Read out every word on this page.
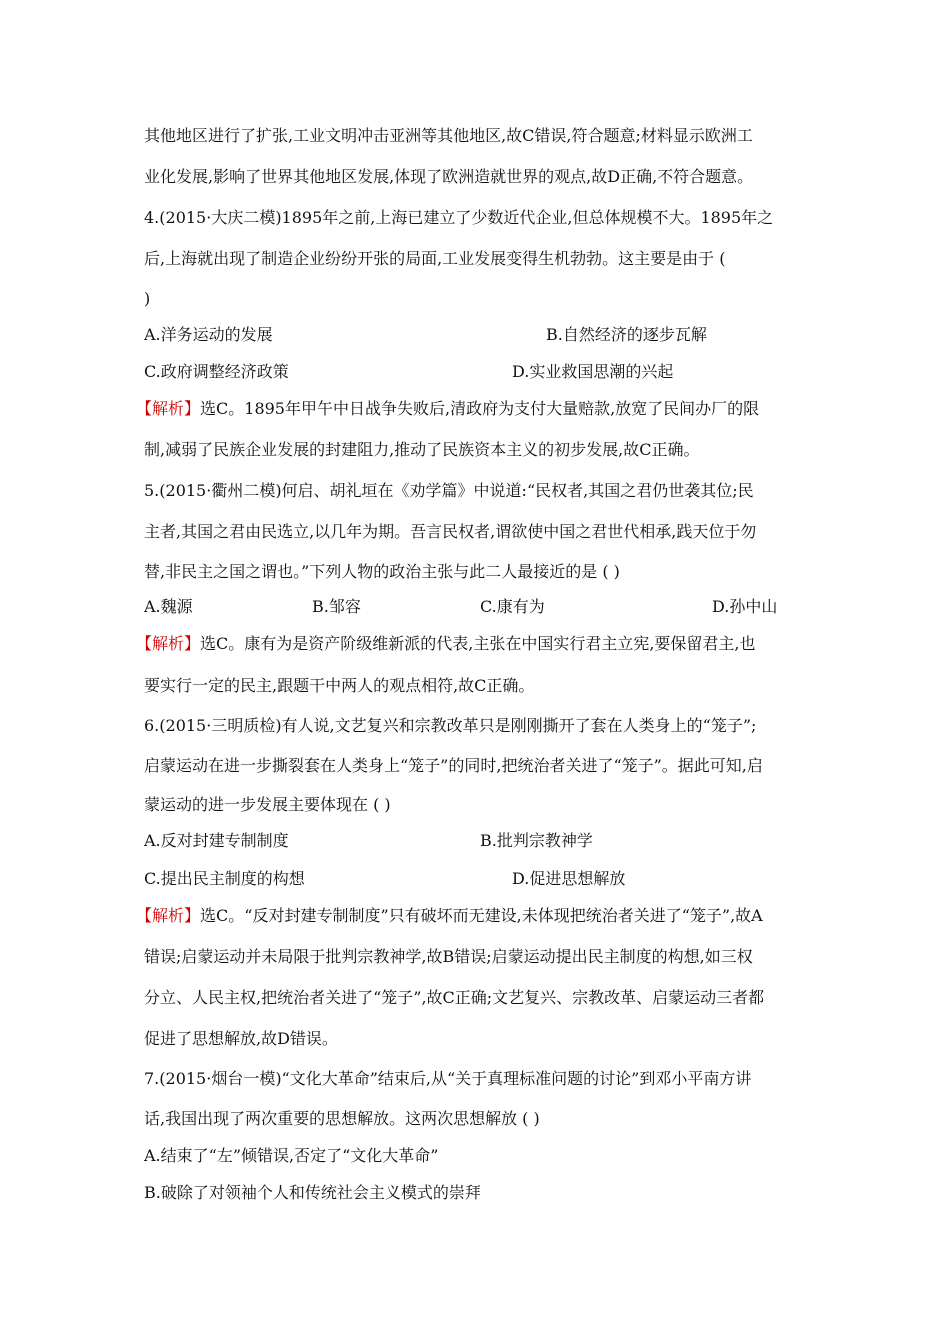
其他地区进行了扩张,工业文明冲击亚洲等其他地区,故C错误,符合题意;材料显示欧洲工
业化发展,影响了世界其他地区发展,体现了欧洲造就世界的观点,故D正确,不符合题意。
4.(2015·大庆二模)1895年之前,上海已建立了少数近代企业,但总体规模不大。1895年之
后,上海就出现了制造企业纷纷开张的局面,工业发展变得生机勃勃。这主要是由于 (
)
A.洋务运动的发展	B.自然经济的逐步瓦解
C.政府调整经济政策	D.实业救国思潮的兴起
【解析】选C。1895年甲午中日战争失败后,清政府为支付大量赔款,放宽了民间办厂的限
制,减弱了民族企业发展的封建阻力,推动了民族资本主义的初步发展,故C正确。
5.(2015·衢州二模)何启、胡礼垣在《劝学篇》中说道:“民权者,其国之君仍世袭其位;民
主者,其国之君由民选立,以几年为期。吾言民权者,谓欲使中国之君世代相承,践天位于勿
替,非民主之国之谓也。”下列人物的政治主张与此二人最接近的是 ( )
A.魏源	B.邹容	C.康有为	D.孙中山
【解析】选C。康有为是资产阶级维新派的代表,主张在中国实行君主立宪,要保留君主,也
要实行一定的民主,跟题干中两人的观点相符,故C正确。
6.(2015·三明质检)有人说,文艺复兴和宗教改革只是刚刚撕开了套在人类身上的“笼子”;
启蒙运动在进一步撕裂套在人类身上“笼子”的同时,把统治者关进了“笼子”。据此可知,启
蒙运动的进一步发展主要体现在 ( )
A.反对封建专制制度	B.批判宗教神学
C.提出民主制度的构想	D.促进思想解放
【解析】选C。“反对封建专制制度”只有破坏而无建设,未体现把统治者关进了“笼子”,故A
错误;启蒙运动并未局限于批判宗教神学,故B错误;启蒙运动提出民主制度的构想,如三权
分立、人民主权,把统治者关进了“笼子”,故C正确;文艺复兴、宗教改革、启蒙运动三者都
促进了思想解放,故D错误。
7.(2015·烟台一模)“文化大革命”结束后,从“关于真理标准问题的讨论”到邓小平南方讲
话,我国出现了两次重要的思想解放。这两次思想解放 ( )
A.结束了“左”倾错误,否定了“文化大革命”
B.破除了对领袖个人和传统社会主义模式的崇拜
